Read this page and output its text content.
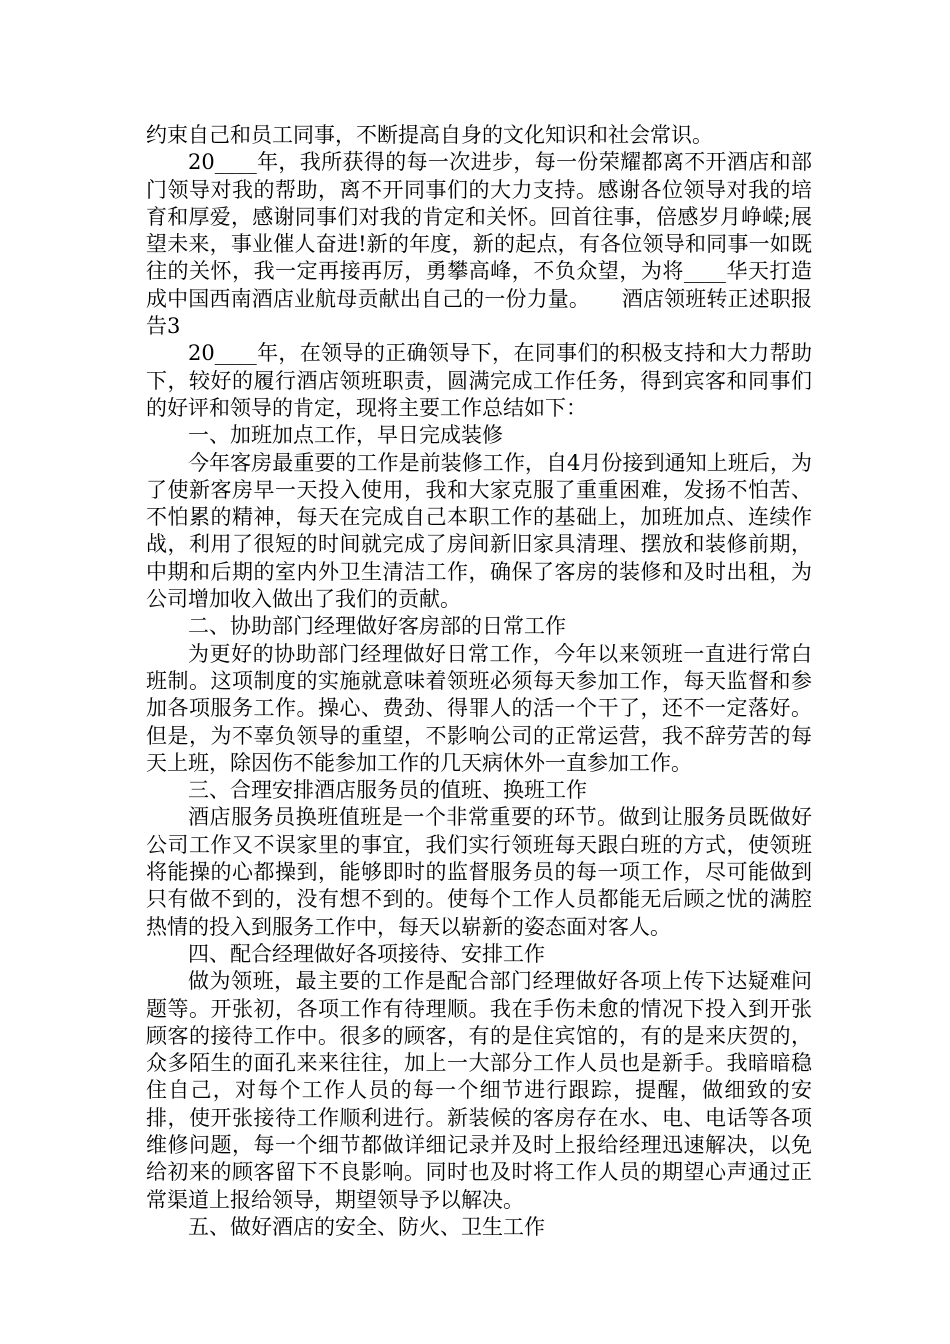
约束自己和员工同事，不断提高自身的文化知识和社会常识。

20____年，我所获得的每一次进步，每一份荣耀都离不开酒店和部门领导对我的帮助，离不开同事们的大力支持。感谢各位领导对我的培育和厚爱，感谢同事们对我的肯定和关怀。回首往事，倍感岁月峥嵘;展望未来，事业催人奋进!新的年度，新的起点，有各位领导和同事一如既往的关怀，我一定再接再厉，勇攀高峰，不负众望，为将____华天打造成中国西南酒店业航母贡献出自己的一份力量。　　酒店领班转正述职报告3

20____年，在领导的正确领导下，在同事们的积极支持和大力帮助下，较好的履行酒店领班职责，圆满完成工作任务，得到宾客和同事们的好评和领导的肯定，现将主要工作总结如下：

一、加班加点工作，早日完成装修

今年客房最重要的工作是前装修工作，自4月份接到通知上班后，为了使新客房早一天投入使用，我和大家克服了重重困难，发扬不怕苦、不怕累的精神，每天在完成自己本职工作的基础上，加班加点、连续作战，利用了很短的时间就完成了房间新旧家具清理、摆放和装修前期，中期和后期的室内外卫生清洁工作，确保了客房的装修和及时出租，为公司增加收入做出了我们的贡献。

二、协助部门经理做好客房部的日常工作

为更好的协助部门经理做好日常工作，今年以来领班一直进行常白班制。这项制度的实施就意味着领班必须每天参加工作，每天监督和参加各项服务工作。操心、费劲、得罪人的活一个干了，还不一定落好。但是，为不辜负领导的重望，不影响公司的正常运营，我不辞劳苦的每天上班，除因伤不能参加工作的几天病休外一直参加工作。

三、合理安排酒店服务员的值班、换班工作

酒店服务员换班值班是一个非常重要的环节。做到让服务员既做好公司工作又不误家里的事宜，我们实行领班每天跟白班的方式，使领班将能操的心都操到，能够即时的监督服务员的每一项工作，尽可能做到只有做不到的，没有想不到的。使每个工作人员都能无后顾之忧的满腔热情的投入到服务工作中，每天以崭新的姿态面对客人。

四、配合经理做好各项接待、安排工作

做为领班，最主要的工作是配合部门经理做好各项上传下达疑难问题等。开张初，各项工作有待理顺。我在手伤未愈的情况下投入到开张顾客的接待工作中。很多的顾客，有的是住宾馆的，有的是来庆贺的，众多陌生的面孔来来往往，加上一大部分工作人员也是新手。我暗暗稳住自己，对每个工作人员的每一个细节进行跟踪，提醒，做细致的安排，使开张接待工作顺利进行。新装候的客房存在水、电、电话等各项维修问题，每一个细节都做详细记录并及时上报给经理迅速解决，以免给初来的顾客留下不良影响。同时也及时将工作人员的期望心声通过正常渠道上报给领导，期望领导予以解决。

五、做好酒店的安全、防火、卫生工作
